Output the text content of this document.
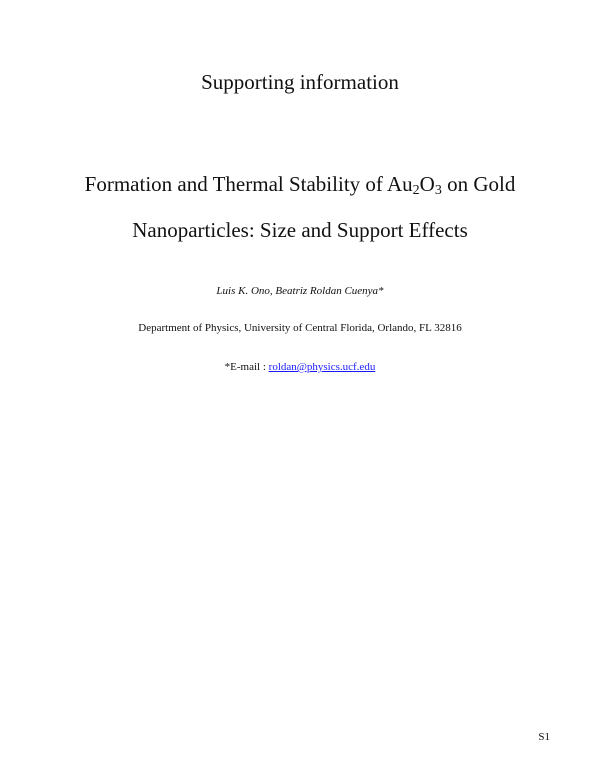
Supporting information
Formation and Thermal Stability of $Au_2O_3$ on Gold
Nanoparticles: Size and Support Effects
Luis K. Ono, Beatriz Roldan Cuenya*
Department of Physics, University of Central Florida, Orlando, FL 32816
*E-mail : roldan@physics.ucf.edu
S1
